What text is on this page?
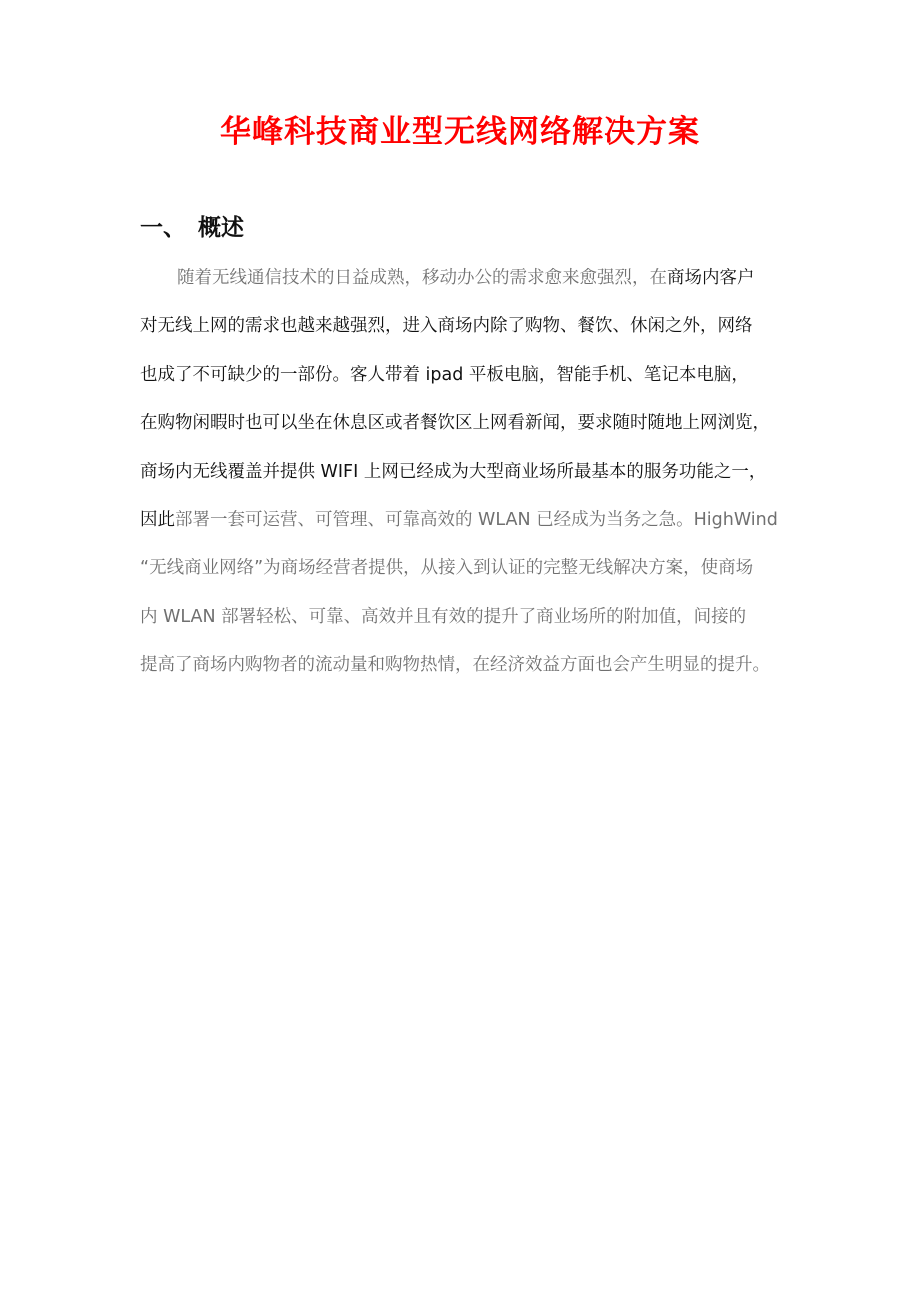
华峰科技商业型无线网络解决方案
一、 概述
随着无线通信技术的日益成熟，移动办公的需求愈来愈强烈，在商场内客户
对无线上网的需求也越来越强烈，进入商场内除了购物、餐饮、休闲之外，网络
也成了不可缺少的一部份。客人带着 ipad 平板电脑，智能手机、笔记本电脑，
在购物闲暇时也可以坐在休息区或者餐饮区上网看新闻，要求随时随地上网浏览，
商场内无线覆盖并提供 WIFI 上网已经成为大型商业场所最基本的服务功能之一，
因此部署一套可运营、可管理、可靠高效的 WLAN 已经成为当务之急。HighWind
“无线商业网络”为商场经营者提供，从接入到认证的完整无线解决方案，使商场
内 WLAN 部署轻松、可靠、高效并且有效的提升了商业场所的附加值，间接的
提高了商场内购物者的流动量和购物热情，在经济效益方面也会产生明显的提升。
